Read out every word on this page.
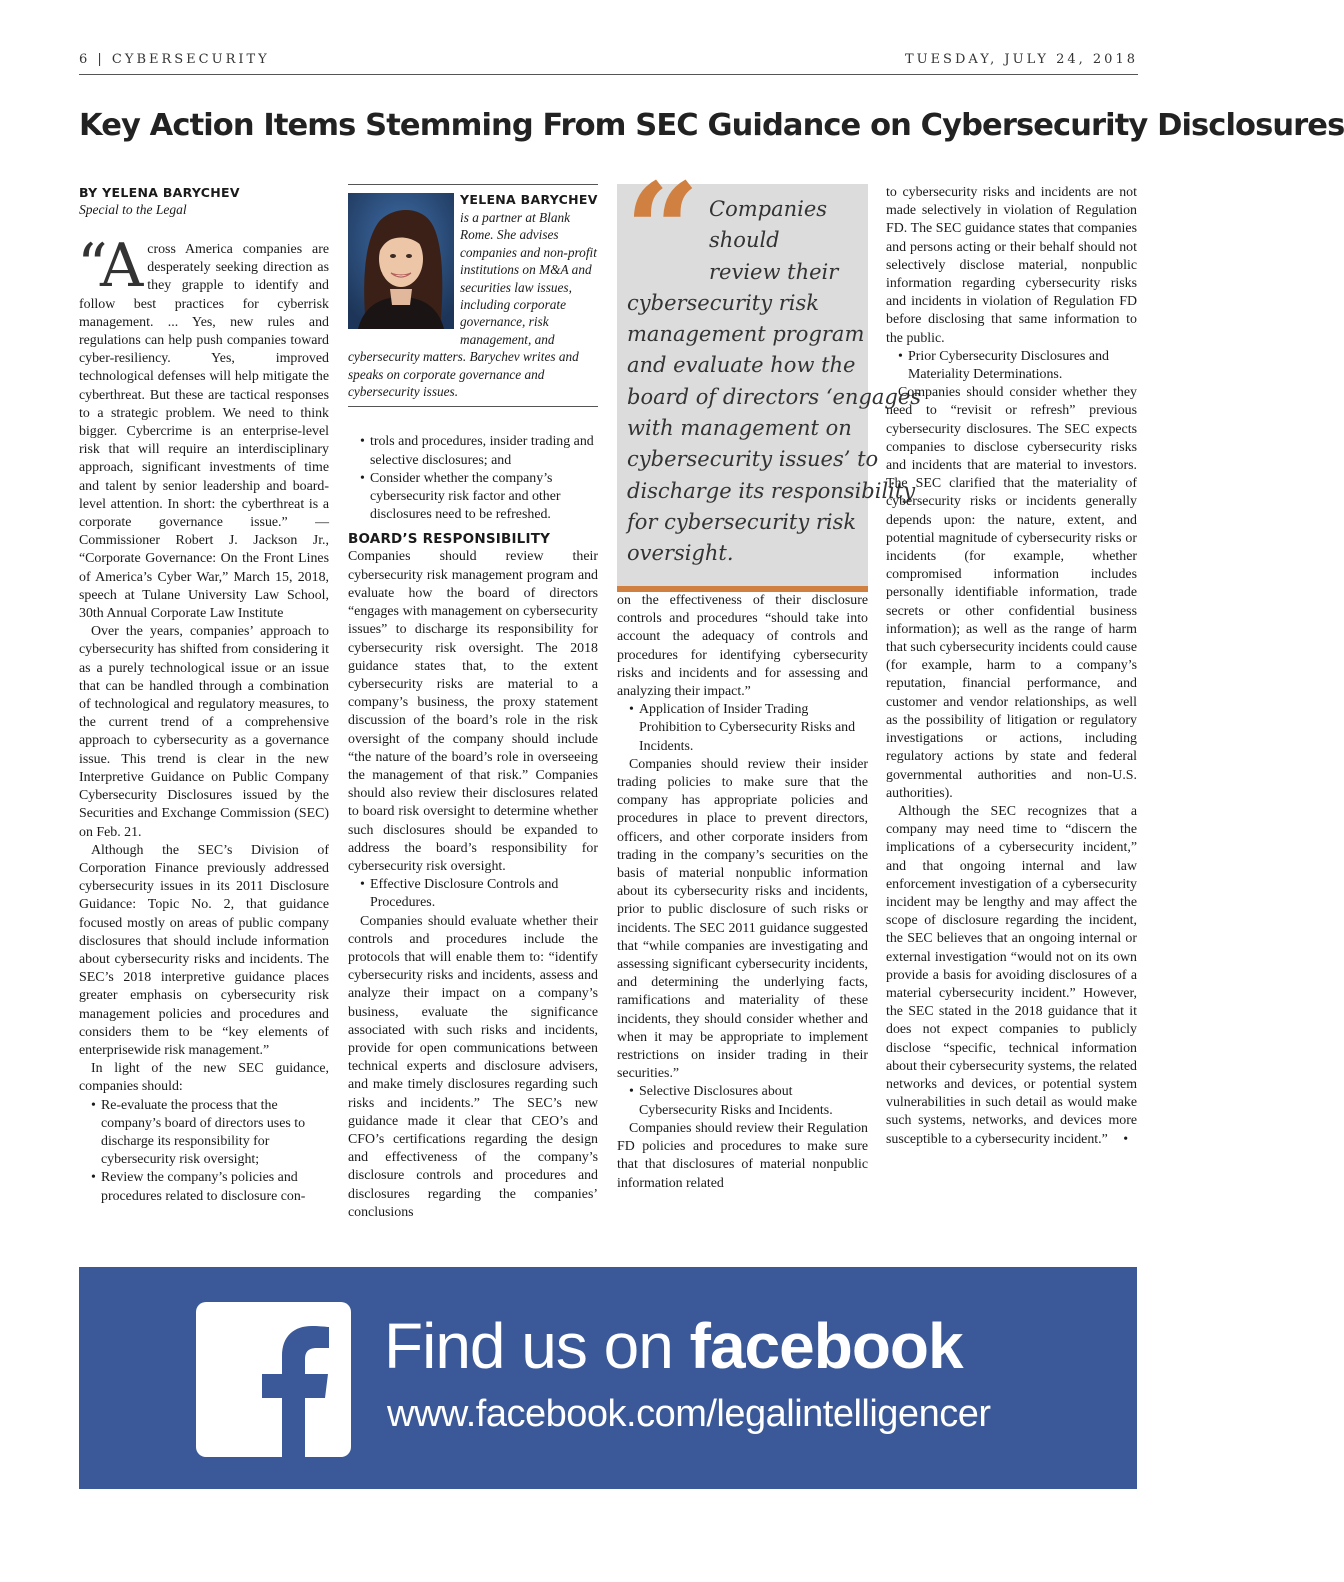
6 | CYBERSECURITY	TUESDAY, JULY 24, 2018
Key Action Items Stemming From SEC Guidance on Cybersecurity Disclosures
BY YELENA BARYCHEV
Special to the Legal

“A cross America companies are desperately seeking direction as they grapple to identify and follow best practices for cyberrisk management. ... Yes, new rules and regulations can help push companies toward cyber-resiliency. Yes, improved technological defenses will help mitigate the cyberthreat. But these are tactical responses to a strategic problem. We need to think bigger. Cybercrime is an enterprise-level risk that will require an interdisciplinary approach, significant investments of time and talent by senior leadership and board-level attention. In short: the cyberthreat is a corporate governance issue.” —Commissioner Robert J. Jackson Jr., “Corporate Governance: On the Front Lines of America’s Cyber War,” March 15, 2018, speech at Tulane University Law School, 30th Annual Corporate Law Institute

Over the years, companies’ approach to cybersecurity has shifted from considering it as a purely technological issue or an issue that can be handled through a combination of technological and regulatory measures, to the current trend of a comprehensive approach to cybersecurity as a governance issue. This trend is clear in the new Interpretive Guidance on Public Company Cybersecurity Disclosures issued by the Securities and Exchange Commission (SEC) on Feb. 21.

Although the SEC’s Division of Corporation Finance previously addressed cybersecurity issues in its 2011 Disclosure Guidance: Topic No. 2, that guidance focused mostly on areas of public company disclosures that should include information about cybersecurity risks and incidents. The SEC’s 2018 interpretive guidance places greater emphasis on cybersecurity risk management policies and procedures and considers them to be “key elements of enterprisewide risk management.”

In light of the new SEC guidance, companies should:

• Re-evaluate the process that the company’s board of directors uses to discharge its responsibility for cybersecurity risk oversight;
• Review the company’s policies and procedures related to disclosure con-
YELENA BARYCHEV
is a partner at Blank Rome. She advises companies and non-profit institutions on M&A and securities law issues, including corporate governance, risk management, and cybersecurity matters. Barychev writes and speaks on corporate governance and cybersecurity issues.
• trols and procedures, insider trading and selective disclosures; and
• Consider whether the company’s cybersecurity risk factor and other disclosures need to be refreshed.
BOARD’S RESPONSIBILITY

Companies should review their cybersecurity risk management program and evaluate how the board of directors “engages with management on cybersecurity issues” to discharge its responsibility for cybersecurity risk oversight. The 2018 guidance states that, to the extent cybersecurity risks are material to a company’s business, the proxy statement discussion of the board’s role in the risk oversight of the company should include “the nature of the board’s role in overseeing the management of that risk.” Companies should also review their disclosures related to board risk oversight to determine whether such disclosures should be expanded to address the board’s responsibility for cybersecurity risk oversight.

• Effective Disclosure Controls and Procedures.

Companies should evaluate whether their controls and procedures include the protocols that will enable them to: “identify cybersecurity risks and incidents, assess and analyze their impact on a company’s business, evaluate the significance associated with such risks and incidents, provide for open communications between technical experts and disclosure advisers, and make timely disclosures regarding such risks and incidents.” The SEC’s new guidance made it clear that CEO’s and CFO’s certifications regarding the design and effectiveness of the company’s disclosure controls and procedures and disclosures regarding the companies’ conclusions

“ Companies
should
review their
cybersecurity risk
management program
and evaluate how the
board of directors ‘engages
with management on
cybersecurity issues’ to
discharge its responsibility
for cybersecurity risk
oversight.

on the effectiveness of their disclosure controls and procedures “should take into account the adequacy of controls and procedures for identifying cybersecurity risks and incidents and for assessing and analyzing their impact.”

• Application of Insider Trading Prohibition to Cybersecurity Risks and Incidents.

Companies should review their insider trading policies to make sure that the company has appropriate policies and procedures in place to prevent directors, officers, and other corporate insiders from trading in the company’s securities on the basis of material nonpublic information about its cybersecurity risks and incidents, prior to public disclosure of such risks or incidents. The SEC 2011 guidance suggested that “while companies are investigating and assessing significant cybersecurity incidents, and determining the underlying facts, ramifications and materiality of these incidents, they should consider whether and when it may be appropriate to implement restrictions on insider trading in their securities.”

• Selective Disclosures about Cybersecurity Risks and Incidents.

Companies should review their Regulation FD policies and procedures to make sure that that disclosures of material nonpublic information related

to cybersecurity risks and incidents are not made selectively in violation of Regulation FD. The SEC guidance states that companies and persons acting or their behalf should not selectively disclose material, nonpublic information regarding cybersecurity risks and incidents in violation of Regulation FD before disclosing that same information to the public.

• Prior Cybersecurity Disclosures and Materiality Determinations.

Companies should consider whether they need to “revisit or refresh” previous cybersecurity disclosures. The SEC expects companies to disclose cybersecurity risks and incidents that are material to investors. The SEC clarified that the materiality of cybersecurity risks or incidents generally depends upon: the nature, extent, and potential magnitude of cybersecurity risks or incidents (for example, whether compromised information includes personally identifiable information, trade secrets or other confidential business information); as well as the range of harm that such cybersecurity incidents could cause (for example, harm to a company’s reputation, financial performance, and customer and vendor relationships, as well as the possibility of litigation or regulatory investigations or actions, including regulatory actions by state and federal governmental authorities and non-U.S. authorities).

Although the SEC recognizes that a company may need time to “discern the implications of a cybersecurity incident,” and that ongoing internal and law enforcement investigation of a cybersecurity incident may be lengthy and may affect the scope of disclosure regarding the incident, the SEC believes that an ongoing internal or external investigation “would not on its own provide a basis for avoiding disclosures of a material cybersecurity incident.” However, the SEC stated in the 2018 guidance that it does not expect companies to publicly disclose “specific, technical information about their cybersecurity systems, the related networks and devices, or potential system vulnerabilities in such detail as would make such systems, networks, and devices more susceptible to a cybersecurity incident.” •

Find us on facebook
www.facebook.com/legalintelligencer
